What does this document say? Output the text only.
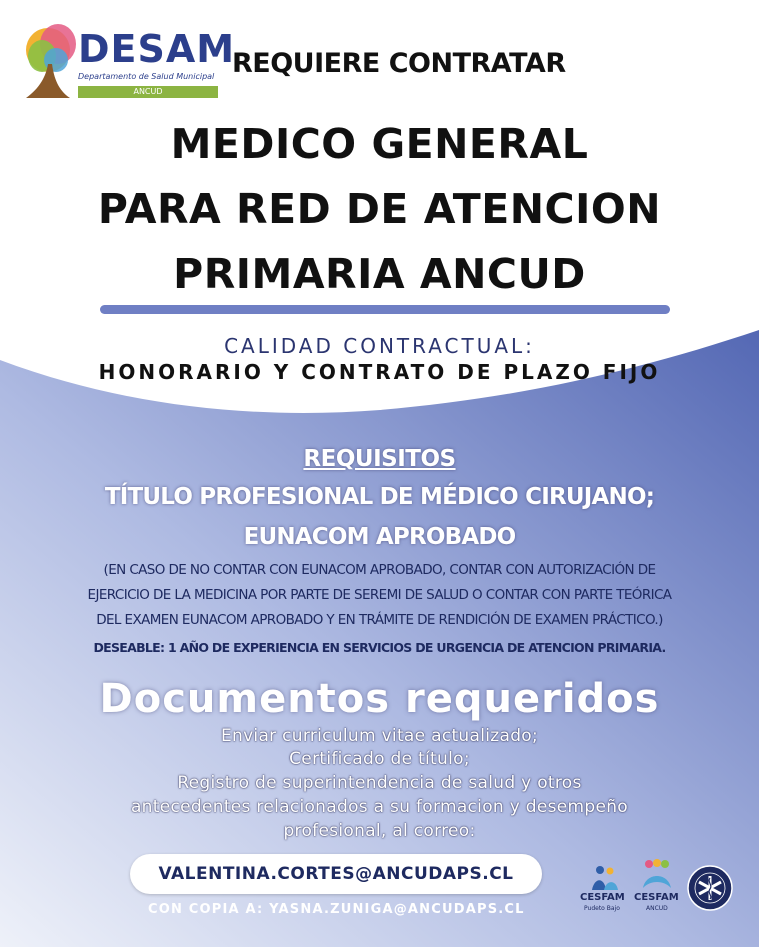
DESAM
Departamento de Salud Municipal
ANCUD
REQUIERE CONTRATAR
MEDICO GENERAL
PARA RED DE ATENCION
PRIMARIA ANCUD
CALIDAD CONTRACTUAL:
HONORARIO Y CONTRATO DE PLAZO FIJO
REQUISITOS
TÍTULO PROFESIONAL DE MÉDICO CIRUJANO;
EUNACOM APROBADO
(EN CASO DE NO CONTAR CON EUNACOM APROBADO, CONTAR CON AUTORIZACIÓN DE
EJERCICIO DE LA MEDICINA POR PARTE DE SEREMI DE SALUD O CONTAR CON PARTE TEÓRICA
DEL EXAMEN EUNACOM APROBADO Y EN TRÁMITE DE RENDICIÓN DE EXAMEN PRÁCTICO.)
DESEABLE: 1 AÑO DE EXPERIENCIA EN SERVICIOS DE URGENCIA DE ATENCION PRIMARIA.
Documentos requeridos
Enviar curriculum vitae actualizado;
Certificado de título;
Registro de superintendencia de salud y otros
antecedentes relacionados a su formacion y desempeño
profesional, al correo:
VALENTINA.CORTES@ANCUDAPS.CL
CON COPIA A: YASNA.ZUNIGA@ANCUDAPS.CL
CESFAM
Pudeto Bajo
CESFAM
ANCUD
